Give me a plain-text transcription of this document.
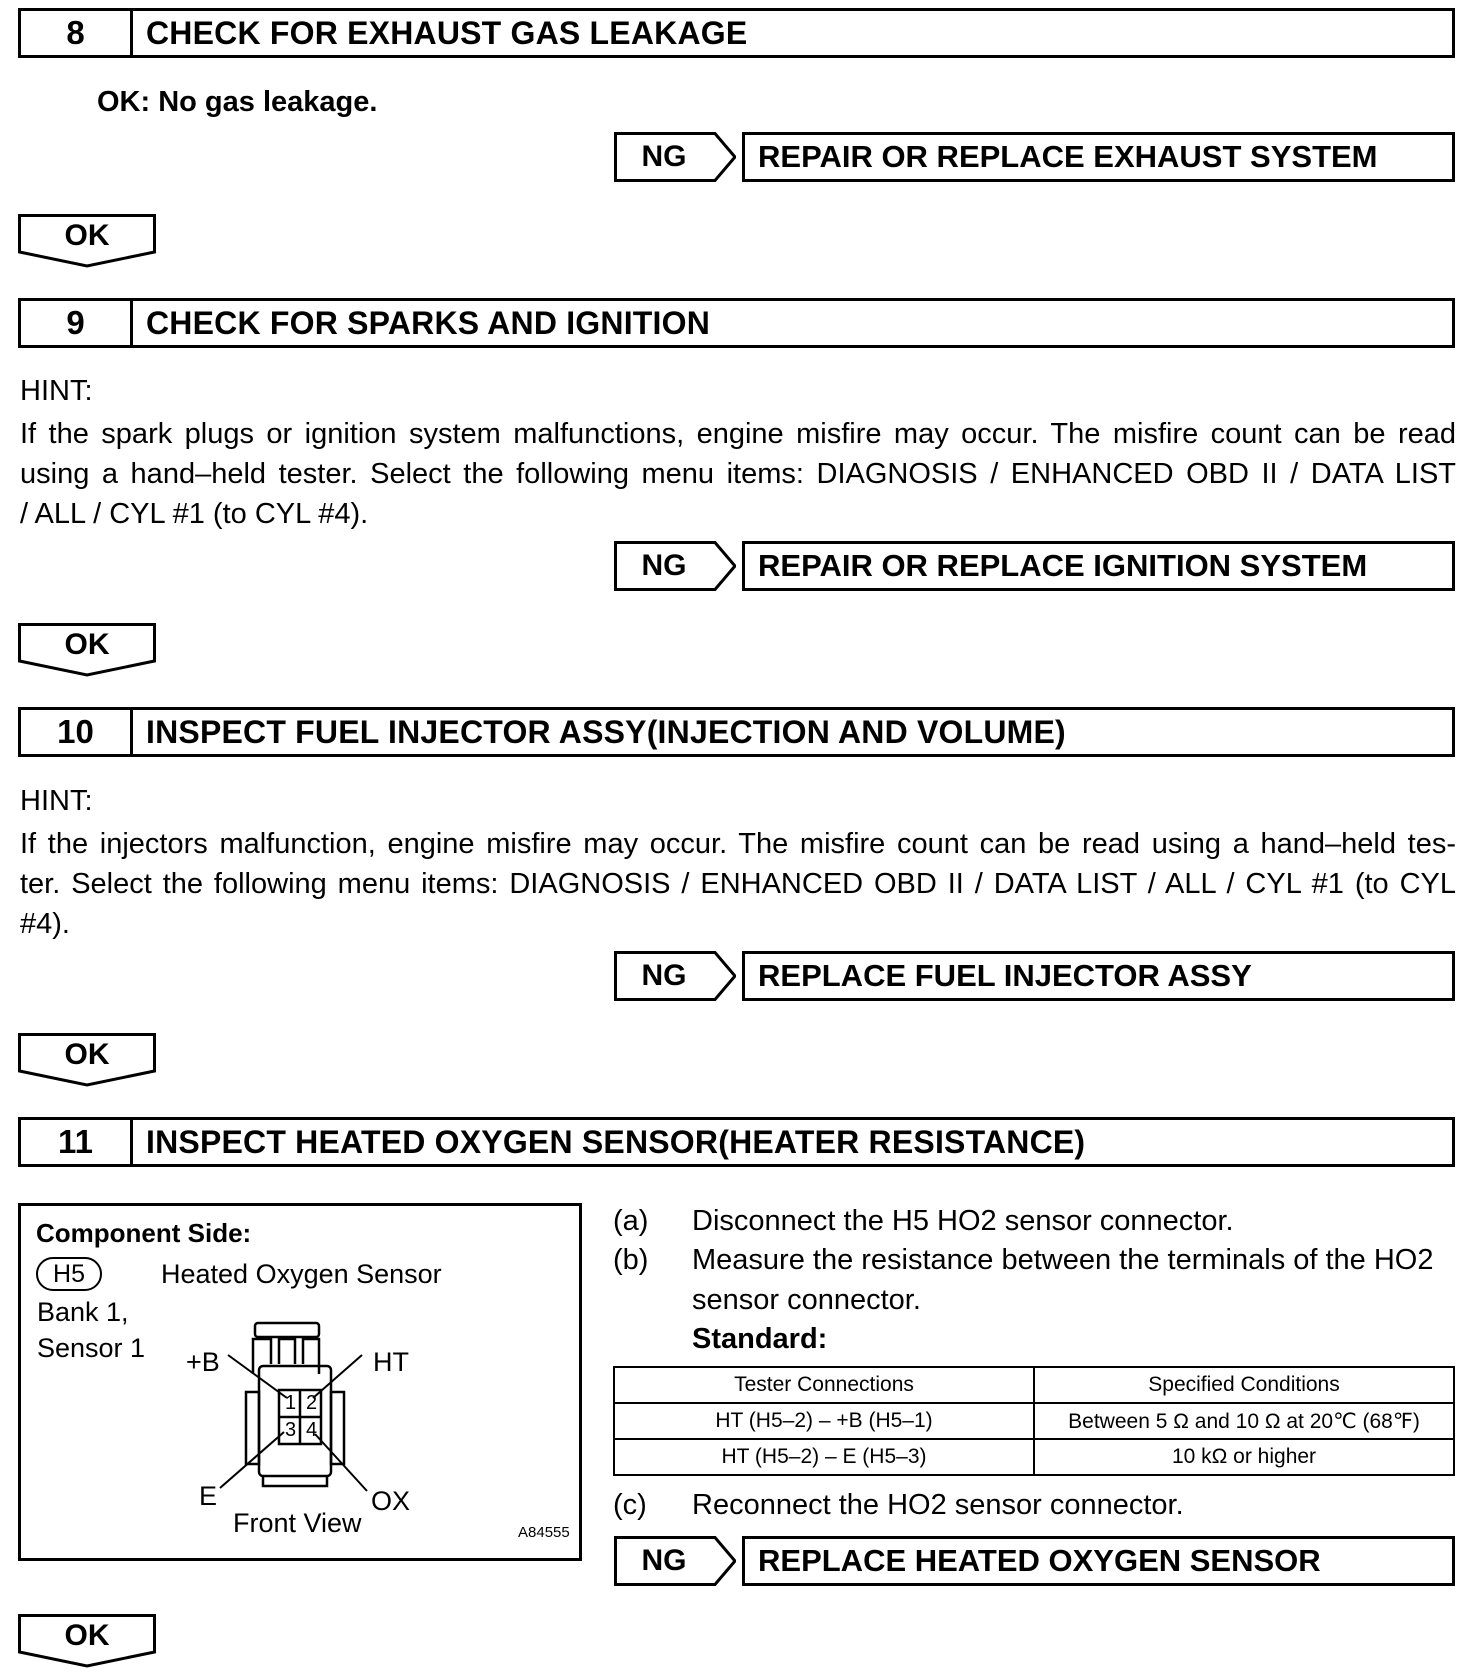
8	CHECK FOR EXHAUST GAS LEAKAGE
OK: No gas leakage.
NG	REPAIR OR REPLACE EXHAUST SYSTEM
OK
9	CHECK FOR SPARKS AND IGNITION
HINT:
If the spark plugs or ignition system malfunctions, engine misfire may occur. The misfire count can be read
using a hand–held tester. Select the following menu items: DIAGNOSIS / ENHANCED OBD II / DATA LIST
/ ALL / CYL #1 (to CYL #4).
NG	REPAIR OR REPLACE IGNITION SYSTEM
OK
10	INSPECT FUEL INJECTOR ASSY(INJECTION AND VOLUME)
HINT:
If the injectors malfunction, engine misfire may occur. The misfire count can be read using a hand–held tes-
ter. Select the following menu items: DIAGNOSIS / ENHANCED OBD II / DATA LIST / ALL / CYL #1 (to CYL
#4).
NG	REPLACE FUEL INJECTOR ASSY
OK
11	INSPECT HEATED OXYGEN SENSOR(HEATER RESISTANCE)
Component Side:
H5	Heated Oxygen Sensor
Bank 1,
Sensor 1 +B	HT
E	OX
1 2
3 4
Front View	A84555
(a) Disconnect the H5 HO2 sensor connector.
(b) Measure the resistance between the terminals of the HO2
sensor connector.
Standard:
Tester Connections	Specified Conditions
HT (H5–2) – +B (H5–1)	Between 5 Ω and 10 Ω at 20℃ (68℉)
HT (H5–2) – E (H5–3)	10 kΩ or higher
(c) Reconnect the HO2 sensor connector.
NG	REPLACE HEATED OXYGEN SENSOR
OK
